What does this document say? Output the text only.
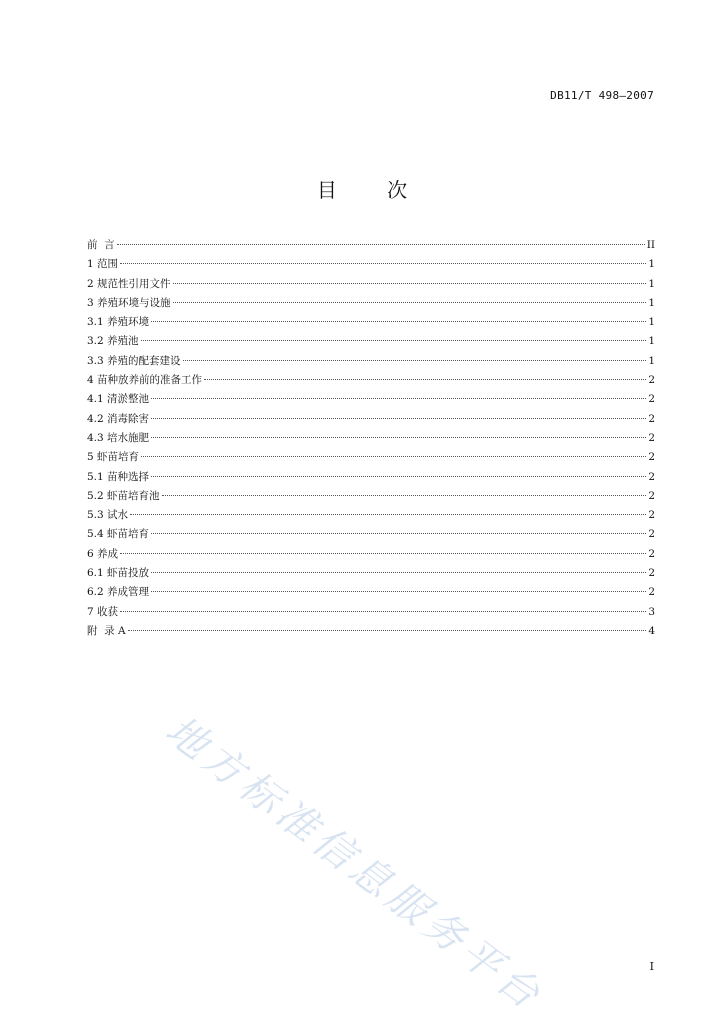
DB11/T 498—2007
目 次
前  言	II
1 范围	1
2 规范性引用文件	1
3 养殖环境与设施	1
3.1 养殖环境	1
3.2 养殖池	1
3.3 养殖的配套建设	1
4 苗种放养前的准备工作	2
4.1 清淤整池	2
4.2 消毒除害	2
4.3 培水施肥	2
5 虾苗培育	2
5.1 苗种选择	2
5.2 虾苗培育池	2
5.3 试水	2
5.4 虾苗培育	2
6 养成	2
6.1 虾苗投放	2
6.2 养成管理	2
7 收获	3
附  录 A	4
地方标准信息服务平台	I
